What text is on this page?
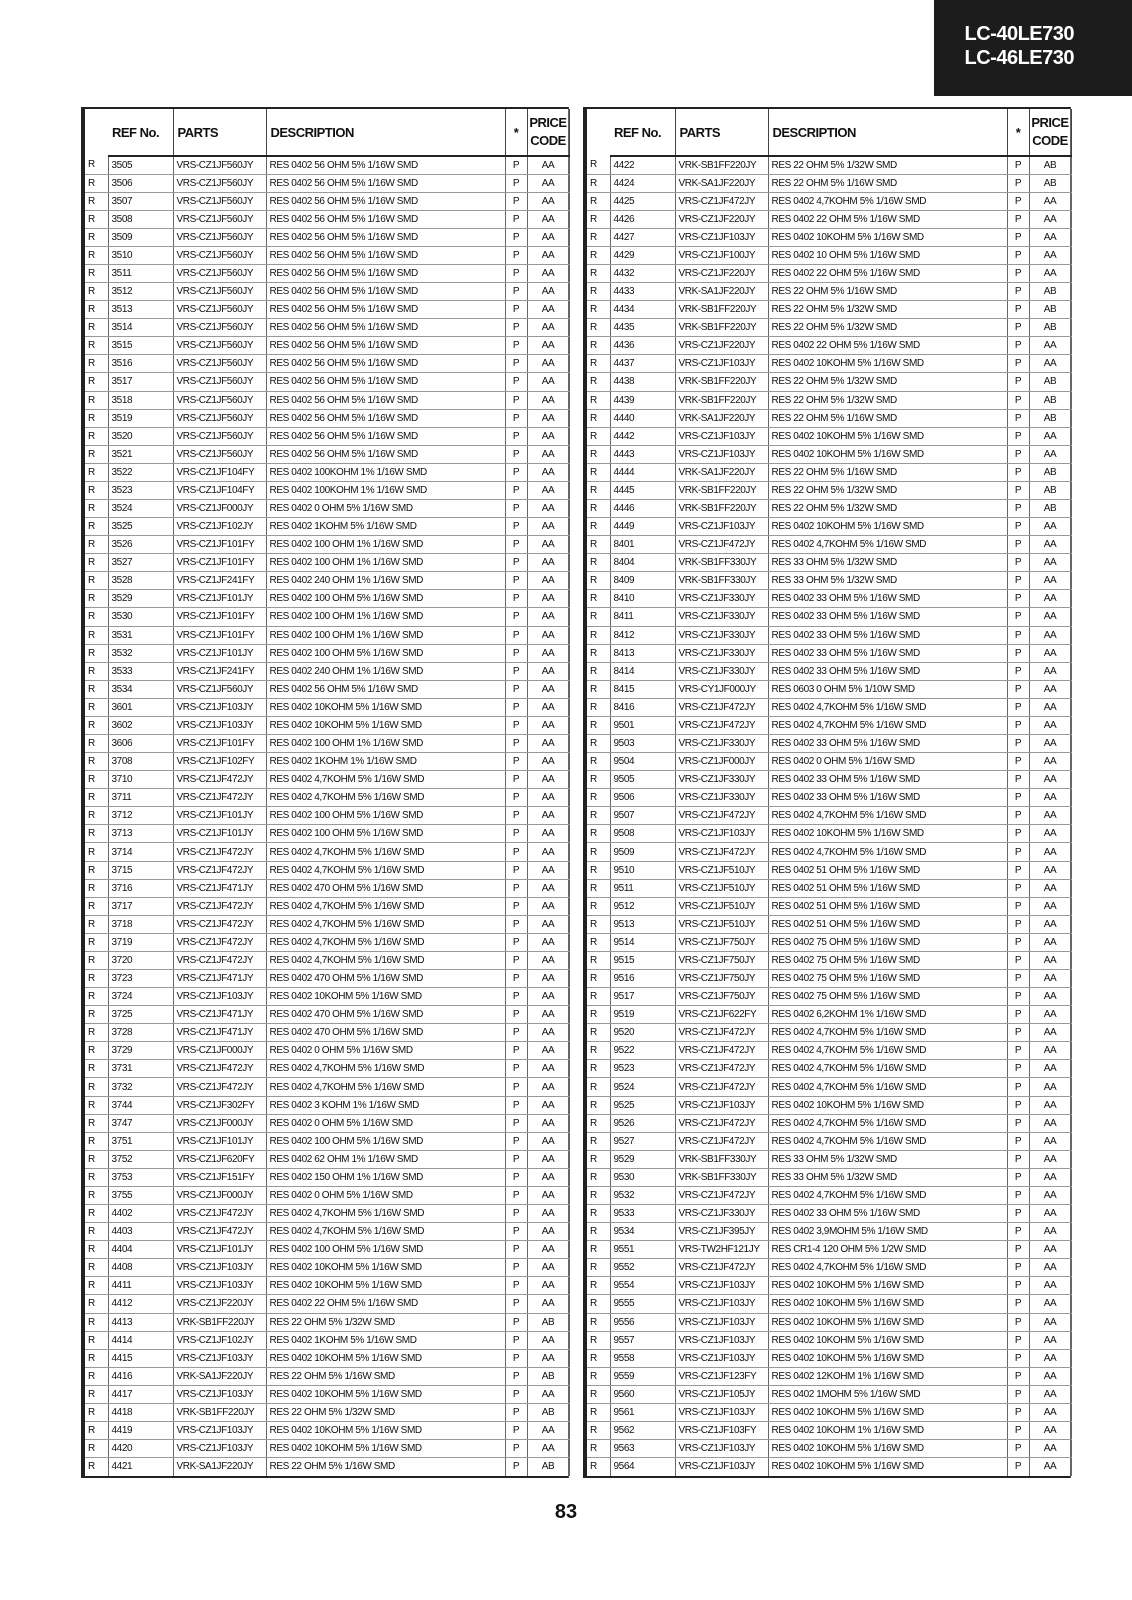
LC-40LE730
LC-46LE730
	REF No.	PARTS	DESCRIPTION	*	PRICE
CODE
R	3505	VRS-CZ1JF560JY	RES 0402 56 OHM 5% 1/16W SMD	P	AA
R	3506	VRS-CZ1JF560JY	RES 0402 56 OHM 5% 1/16W SMD	P	AA
R	3507	VRS-CZ1JF560JY	RES 0402 56 OHM 5% 1/16W SMD	P	AA
R	3508	VRS-CZ1JF560JY	RES 0402 56 OHM 5% 1/16W SMD	P	AA
R	3509	VRS-CZ1JF560JY	RES 0402 56 OHM 5% 1/16W SMD	P	AA
R	3510	VRS-CZ1JF560JY	RES 0402 56 OHM 5% 1/16W SMD	P	AA
R	3511	VRS-CZ1JF560JY	RES 0402 56 OHM 5% 1/16W SMD	P	AA
R	3512	VRS-CZ1JF560JY	RES 0402 56 OHM 5% 1/16W SMD	P	AA
R	3513	VRS-CZ1JF560JY	RES 0402 56 OHM 5% 1/16W SMD	P	AA
R	3514	VRS-CZ1JF560JY	RES 0402 56 OHM 5% 1/16W SMD	P	AA
R	3515	VRS-CZ1JF560JY	RES 0402 56 OHM 5% 1/16W SMD	P	AA
R	3516	VRS-CZ1JF560JY	RES 0402 56 OHM 5% 1/16W SMD	P	AA
R	3517	VRS-CZ1JF560JY	RES 0402 56 OHM 5% 1/16W SMD	P	AA
R	3518	VRS-CZ1JF560JY	RES 0402 56 OHM 5% 1/16W SMD	P	AA
R	3519	VRS-CZ1JF560JY	RES 0402 56 OHM 5% 1/16W SMD	P	AA
R	3520	VRS-CZ1JF560JY	RES 0402 56 OHM 5% 1/16W SMD	P	AA
R	3521	VRS-CZ1JF560JY	RES 0402 56 OHM 5% 1/16W SMD	P	AA
R	3522	VRS-CZ1JF104FY	RES 0402 100KOHM 1% 1/16W SMD	P	AA
R	3523	VRS-CZ1JF104FY	RES 0402 100KOHM 1% 1/16W SMD	P	AA
R	3524	VRS-CZ1JF000JY	RES 0402 0 OHM 5% 1/16W SMD	P	AA
R	3525	VRS-CZ1JF102JY	RES 0402 1KOHM 5% 1/16W SMD	P	AA
R	3526	VRS-CZ1JF101FY	RES 0402 100 OHM 1% 1/16W SMD	P	AA
R	3527	VRS-CZ1JF101FY	RES 0402 100 OHM 1% 1/16W SMD	P	AA
R	3528	VRS-CZ1JF241FY	RES 0402 240 OHM 1% 1/16W SMD	P	AA
R	3529	VRS-CZ1JF101JY	RES 0402 100 OHM 5% 1/16W SMD	P	AA
R	3530	VRS-CZ1JF101FY	RES 0402 100 OHM 1% 1/16W SMD	P	AA
R	3531	VRS-CZ1JF101FY	RES 0402 100 OHM 1% 1/16W SMD	P	AA
R	3532	VRS-CZ1JF101JY	RES 0402 100 OHM 5% 1/16W SMD	P	AA
R	3533	VRS-CZ1JF241FY	RES 0402 240 OHM 1% 1/16W SMD	P	AA
R	3534	VRS-CZ1JF560JY	RES 0402 56 OHM 5% 1/16W SMD	P	AA
R	3601	VRS-CZ1JF103JY	RES 0402 10KOHM 5% 1/16W SMD	P	AA
R	3602	VRS-CZ1JF103JY	RES 0402 10KOHM 5% 1/16W SMD	P	AA
R	3606	VRS-CZ1JF101FY	RES 0402 100 OHM 1% 1/16W SMD	P	AA
R	3708	VRS-CZ1JF102FY	RES 0402 1KOHM 1% 1/16W SMD	P	AA
R	3710	VRS-CZ1JF472JY	RES 0402 4,7KOHM 5% 1/16W SMD	P	AA
R	3711	VRS-CZ1JF472JY	RES 0402 4,7KOHM 5% 1/16W SMD	P	AA
R	3712	VRS-CZ1JF101JY	RES 0402 100 OHM 5% 1/16W SMD	P	AA
R	3713	VRS-CZ1JF101JY	RES 0402 100 OHM 5% 1/16W SMD	P	AA
R	3714	VRS-CZ1JF472JY	RES 0402 4,7KOHM 5% 1/16W SMD	P	AA
R	3715	VRS-CZ1JF472JY	RES 0402 4,7KOHM 5% 1/16W SMD	P	AA
R	3716	VRS-CZ1JF471JY	RES 0402 470 OHM 5% 1/16W SMD	P	AA
R	3717	VRS-CZ1JF472JY	RES 0402 4,7KOHM 5% 1/16W SMD	P	AA
R	3718	VRS-CZ1JF472JY	RES 0402 4,7KOHM 5% 1/16W SMD	P	AA
R	3719	VRS-CZ1JF472JY	RES 0402 4,7KOHM 5% 1/16W SMD	P	AA
R	3720	VRS-CZ1JF472JY	RES 0402 4,7KOHM 5% 1/16W SMD	P	AA
R	3723	VRS-CZ1JF471JY	RES 0402 470 OHM 5% 1/16W SMD	P	AA
R	3724	VRS-CZ1JF103JY	RES 0402 10KOHM 5% 1/16W SMD	P	AA
R	3725	VRS-CZ1JF471JY	RES 0402 470 OHM 5% 1/16W SMD	P	AA
R	3728	VRS-CZ1JF471JY	RES 0402 470 OHM 5% 1/16W SMD	P	AA
R	3729	VRS-CZ1JF000JY	RES 0402 0 OHM 5% 1/16W SMD	P	AA
R	3731	VRS-CZ1JF472JY	RES 0402 4,7KOHM 5% 1/16W SMD	P	AA
R	3732	VRS-CZ1JF472JY	RES 0402 4,7KOHM 5% 1/16W SMD	P	AA
R	3744	VRS-CZ1JF302FY	RES 0402 3 KOHM 1% 1/16W SMD	P	AA
R	3747	VRS-CZ1JF000JY	RES 0402 0 OHM 5% 1/16W SMD	P	AA
R	3751	VRS-CZ1JF101JY	RES 0402 100 OHM 5% 1/16W SMD	P	AA
R	3752	VRS-CZ1JF620FY	RES 0402 62 OHM 1% 1/16W SMD	P	AA
R	3753	VRS-CZ1JF151FY	RES 0402 150 OHM 1% 1/16W SMD	P	AA
R	3755	VRS-CZ1JF000JY	RES 0402 0 OHM 5% 1/16W SMD	P	AA
R	4402	VRS-CZ1JF472JY	RES 0402 4,7KOHM 5% 1/16W SMD	P	AA
R	4403	VRS-CZ1JF472JY	RES 0402 4,7KOHM 5% 1/16W SMD	P	AA
R	4404	VRS-CZ1JF101JY	RES 0402 100 OHM 5% 1/16W SMD	P	AA
R	4408	VRS-CZ1JF103JY	RES 0402 10KOHM 5% 1/16W SMD	P	AA
R	4411	VRS-CZ1JF103JY	RES 0402 10KOHM 5% 1/16W SMD	P	AA
R	4412	VRS-CZ1JF220JY	RES 0402 22 OHM 5% 1/16W SMD	P	AA
R	4413	VRK-SB1FF220JY	RES 22 OHM 5% 1/32W SMD	P	AB
R	4414	VRS-CZ1JF102JY	RES 0402 1KOHM 5% 1/16W SMD	P	AA
R	4415	VRS-CZ1JF103JY	RES 0402 10KOHM 5% 1/16W SMD	P	AA
R	4416	VRK-SA1JF220JY	RES 22 OHM 5% 1/16W SMD	P	AB
R	4417	VRS-CZ1JF103JY	RES 0402 10KOHM 5% 1/16W SMD	P	AA
R	4418	VRK-SB1FF220JY	RES 22 OHM 5% 1/32W SMD	P	AB
R	4419	VRS-CZ1JF103JY	RES 0402 10KOHM 5% 1/16W SMD	P	AA
R	4420	VRS-CZ1JF103JY	RES 0402 10KOHM 5% 1/16W SMD	P	AA
R	4421	VRK-SA1JF220JY	RES 22 OHM 5% 1/16W SMD	P	AB
	REF No.	PARTS	DESCRIPTION	*	PRICE
CODE
R	4422	VRK-SB1FF220JY	RES 22 OHM 5% 1/32W SMD	P	AB
R	4424	VRK-SA1JF220JY	RES 22 OHM 5% 1/16W SMD	P	AB
R	4425	VRS-CZ1JF472JY	RES 0402 4,7KOHM 5% 1/16W SMD	P	AA
R	4426	VRS-CZ1JF220JY	RES 0402 22 OHM 5% 1/16W SMD	P	AA
R	4427	VRS-CZ1JF103JY	RES 0402 10KOHM 5% 1/16W SMD	P	AA
R	4429	VRS-CZ1JF100JY	RES 0402 10 OHM 5% 1/16W SMD	P	AA
R	4432	VRS-CZ1JF220JY	RES 0402 22 OHM 5% 1/16W SMD	P	AA
R	4433	VRK-SA1JF220JY	RES 22 OHM 5% 1/16W SMD	P	AB
R	4434	VRK-SB1FF220JY	RES 22 OHM 5% 1/32W SMD	P	AB
R	4435	VRK-SB1FF220JY	RES 22 OHM 5% 1/32W SMD	P	AB
R	4436	VRS-CZ1JF220JY	RES 0402 22 OHM 5% 1/16W SMD	P	AA
R	4437	VRS-CZ1JF103JY	RES 0402 10KOHM 5% 1/16W SMD	P	AA
R	4438	VRK-SB1FF220JY	RES 22 OHM 5% 1/32W SMD	P	AB
R	4439	VRK-SB1FF220JY	RES 22 OHM 5% 1/32W SMD	P	AB
R	4440	VRK-SA1JF220JY	RES 22 OHM 5% 1/16W SMD	P	AB
R	4442	VRS-CZ1JF103JY	RES 0402 10KOHM 5% 1/16W SMD	P	AA
R	4443	VRS-CZ1JF103JY	RES 0402 10KOHM 5% 1/16W SMD	P	AA
R	4444	VRK-SA1JF220JY	RES 22 OHM 5% 1/16W SMD	P	AB
R	4445	VRK-SB1FF220JY	RES 22 OHM 5% 1/32W SMD	P	AB
R	4446	VRK-SB1FF220JY	RES 22 OHM 5% 1/32W SMD	P	AB
R	4449	VRS-CZ1JF103JY	RES 0402 10KOHM 5% 1/16W SMD	P	AA
R	8401	VRS-CZ1JF472JY	RES 0402 4,7KOHM 5% 1/16W SMD	P	AA
R	8404	VRK-SB1FF330JY	RES 33 OHM 5% 1/32W SMD	P	AA
R	8409	VRK-SB1FF330JY	RES 33 OHM 5% 1/32W SMD	P	AA
R	8410	VRS-CZ1JF330JY	RES 0402 33 OHM 5% 1/16W SMD	P	AA
R	8411	VRS-CZ1JF330JY	RES 0402 33 OHM 5% 1/16W SMD	P	AA
R	8412	VRS-CZ1JF330JY	RES 0402 33 OHM 5% 1/16W SMD	P	AA
R	8413	VRS-CZ1JF330JY	RES 0402 33 OHM 5% 1/16W SMD	P	AA
R	8414	VRS-CZ1JF330JY	RES 0402 33 OHM 5% 1/16W SMD	P	AA
R	8415	VRS-CY1JF000JY	RES 0603 0 OHM 5% 1/10W SMD	P	AA
R	8416	VRS-CZ1JF472JY	RES 0402 4,7KOHM 5% 1/16W SMD	P	AA
R	9501	VRS-CZ1JF472JY	RES 0402 4,7KOHM 5% 1/16W SMD	P	AA
R	9503	VRS-CZ1JF330JY	RES 0402 33 OHM 5% 1/16W SMD	P	AA
R	9504	VRS-CZ1JF000JY	RES 0402 0 OHM 5% 1/16W SMD	P	AA
R	9505	VRS-CZ1JF330JY	RES 0402 33 OHM 5% 1/16W SMD	P	AA
R	9506	VRS-CZ1JF330JY	RES 0402 33 OHM 5% 1/16W SMD	P	AA
R	9507	VRS-CZ1JF472JY	RES 0402 4,7KOHM 5% 1/16W SMD	P	AA
R	9508	VRS-CZ1JF103JY	RES 0402 10KOHM 5% 1/16W SMD	P	AA
R	9509	VRS-CZ1JF472JY	RES 0402 4,7KOHM 5% 1/16W SMD	P	AA
R	9510	VRS-CZ1JF510JY	RES 0402 51 OHM 5% 1/16W SMD	P	AA
R	9511	VRS-CZ1JF510JY	RES 0402 51 OHM 5% 1/16W SMD	P	AA
R	9512	VRS-CZ1JF510JY	RES 0402 51 OHM 5% 1/16W SMD	P	AA
R	9513	VRS-CZ1JF510JY	RES 0402 51 OHM 5% 1/16W SMD	P	AA
R	9514	VRS-CZ1JF750JY	RES 0402 75 OHM 5% 1/16W SMD	P	AA
R	9515	VRS-CZ1JF750JY	RES 0402 75 OHM 5% 1/16W SMD	P	AA
R	9516	VRS-CZ1JF750JY	RES 0402 75 OHM 5% 1/16W SMD	P	AA
R	9517	VRS-CZ1JF750JY	RES 0402 75 OHM 5% 1/16W SMD	P	AA
R	9519	VRS-CZ1JF622FY	RES 0402 6,2KOHM 1% 1/16W SMD	P	AA
R	9520	VRS-CZ1JF472JY	RES 0402 4,7KOHM 5% 1/16W SMD	P	AA
R	9522	VRS-CZ1JF472JY	RES 0402 4,7KOHM 5% 1/16W SMD	P	AA
R	9523	VRS-CZ1JF472JY	RES 0402 4,7KOHM 5% 1/16W SMD	P	AA
R	9524	VRS-CZ1JF472JY	RES 0402 4,7KOHM 5% 1/16W SMD	P	AA
R	9525	VRS-CZ1JF103JY	RES 0402 10KOHM 5% 1/16W SMD	P	AA
R	9526	VRS-CZ1JF472JY	RES 0402 4,7KOHM 5% 1/16W SMD	P	AA
R	9527	VRS-CZ1JF472JY	RES 0402 4,7KOHM 5% 1/16W SMD	P	AA
R	9529	VRK-SB1FF330JY	RES 33 OHM 5% 1/32W SMD	P	AA
R	9530	VRK-SB1FF330JY	RES 33 OHM 5% 1/32W SMD	P	AA
R	9532	VRS-CZ1JF472JY	RES 0402 4,7KOHM 5% 1/16W SMD	P	AA
R	9533	VRS-CZ1JF330JY	RES 0402 33 OHM 5% 1/16W SMD	P	AA
R	9534	VRS-CZ1JF395JY	RES 0402 3,9MOHM 5% 1/16W SMD	P	AA
R	9551	VRS-TW2HF121JY	RES CR1-4 120 OHM 5% 1/2W SMD	P	AA
R	9552	VRS-CZ1JF472JY	RES 0402 4,7KOHM 5% 1/16W SMD	P	AA
R	9554	VRS-CZ1JF103JY	RES 0402 10KOHM 5% 1/16W SMD	P	AA
R	9555	VRS-CZ1JF103JY	RES 0402 10KOHM 5% 1/16W SMD	P	AA
R	9556	VRS-CZ1JF103JY	RES 0402 10KOHM 5% 1/16W SMD	P	AA
R	9557	VRS-CZ1JF103JY	RES 0402 10KOHM 5% 1/16W SMD	P	AA
R	9558	VRS-CZ1JF103JY	RES 0402 10KOHM 5% 1/16W SMD	P	AA
R	9559	VRS-CZ1JF123FY	RES 0402 12KOHM 1% 1/16W SMD	P	AA
R	9560	VRS-CZ1JF105JY	RES 0402 1MOHM 5% 1/16W SMD	P	AA
R	9561	VRS-CZ1JF103JY	RES 0402 10KOHM 5% 1/16W SMD	P	AA
R	9562	VRS-CZ1JF103FY	RES 0402 10KOHM 1% 1/16W SMD	P	AA
R	9563	VRS-CZ1JF103JY	RES 0402 10KOHM 5% 1/16W SMD	P	AA
R	9564	VRS-CZ1JF103JY	RES 0402 10KOHM 5% 1/16W SMD	P	AA
83
